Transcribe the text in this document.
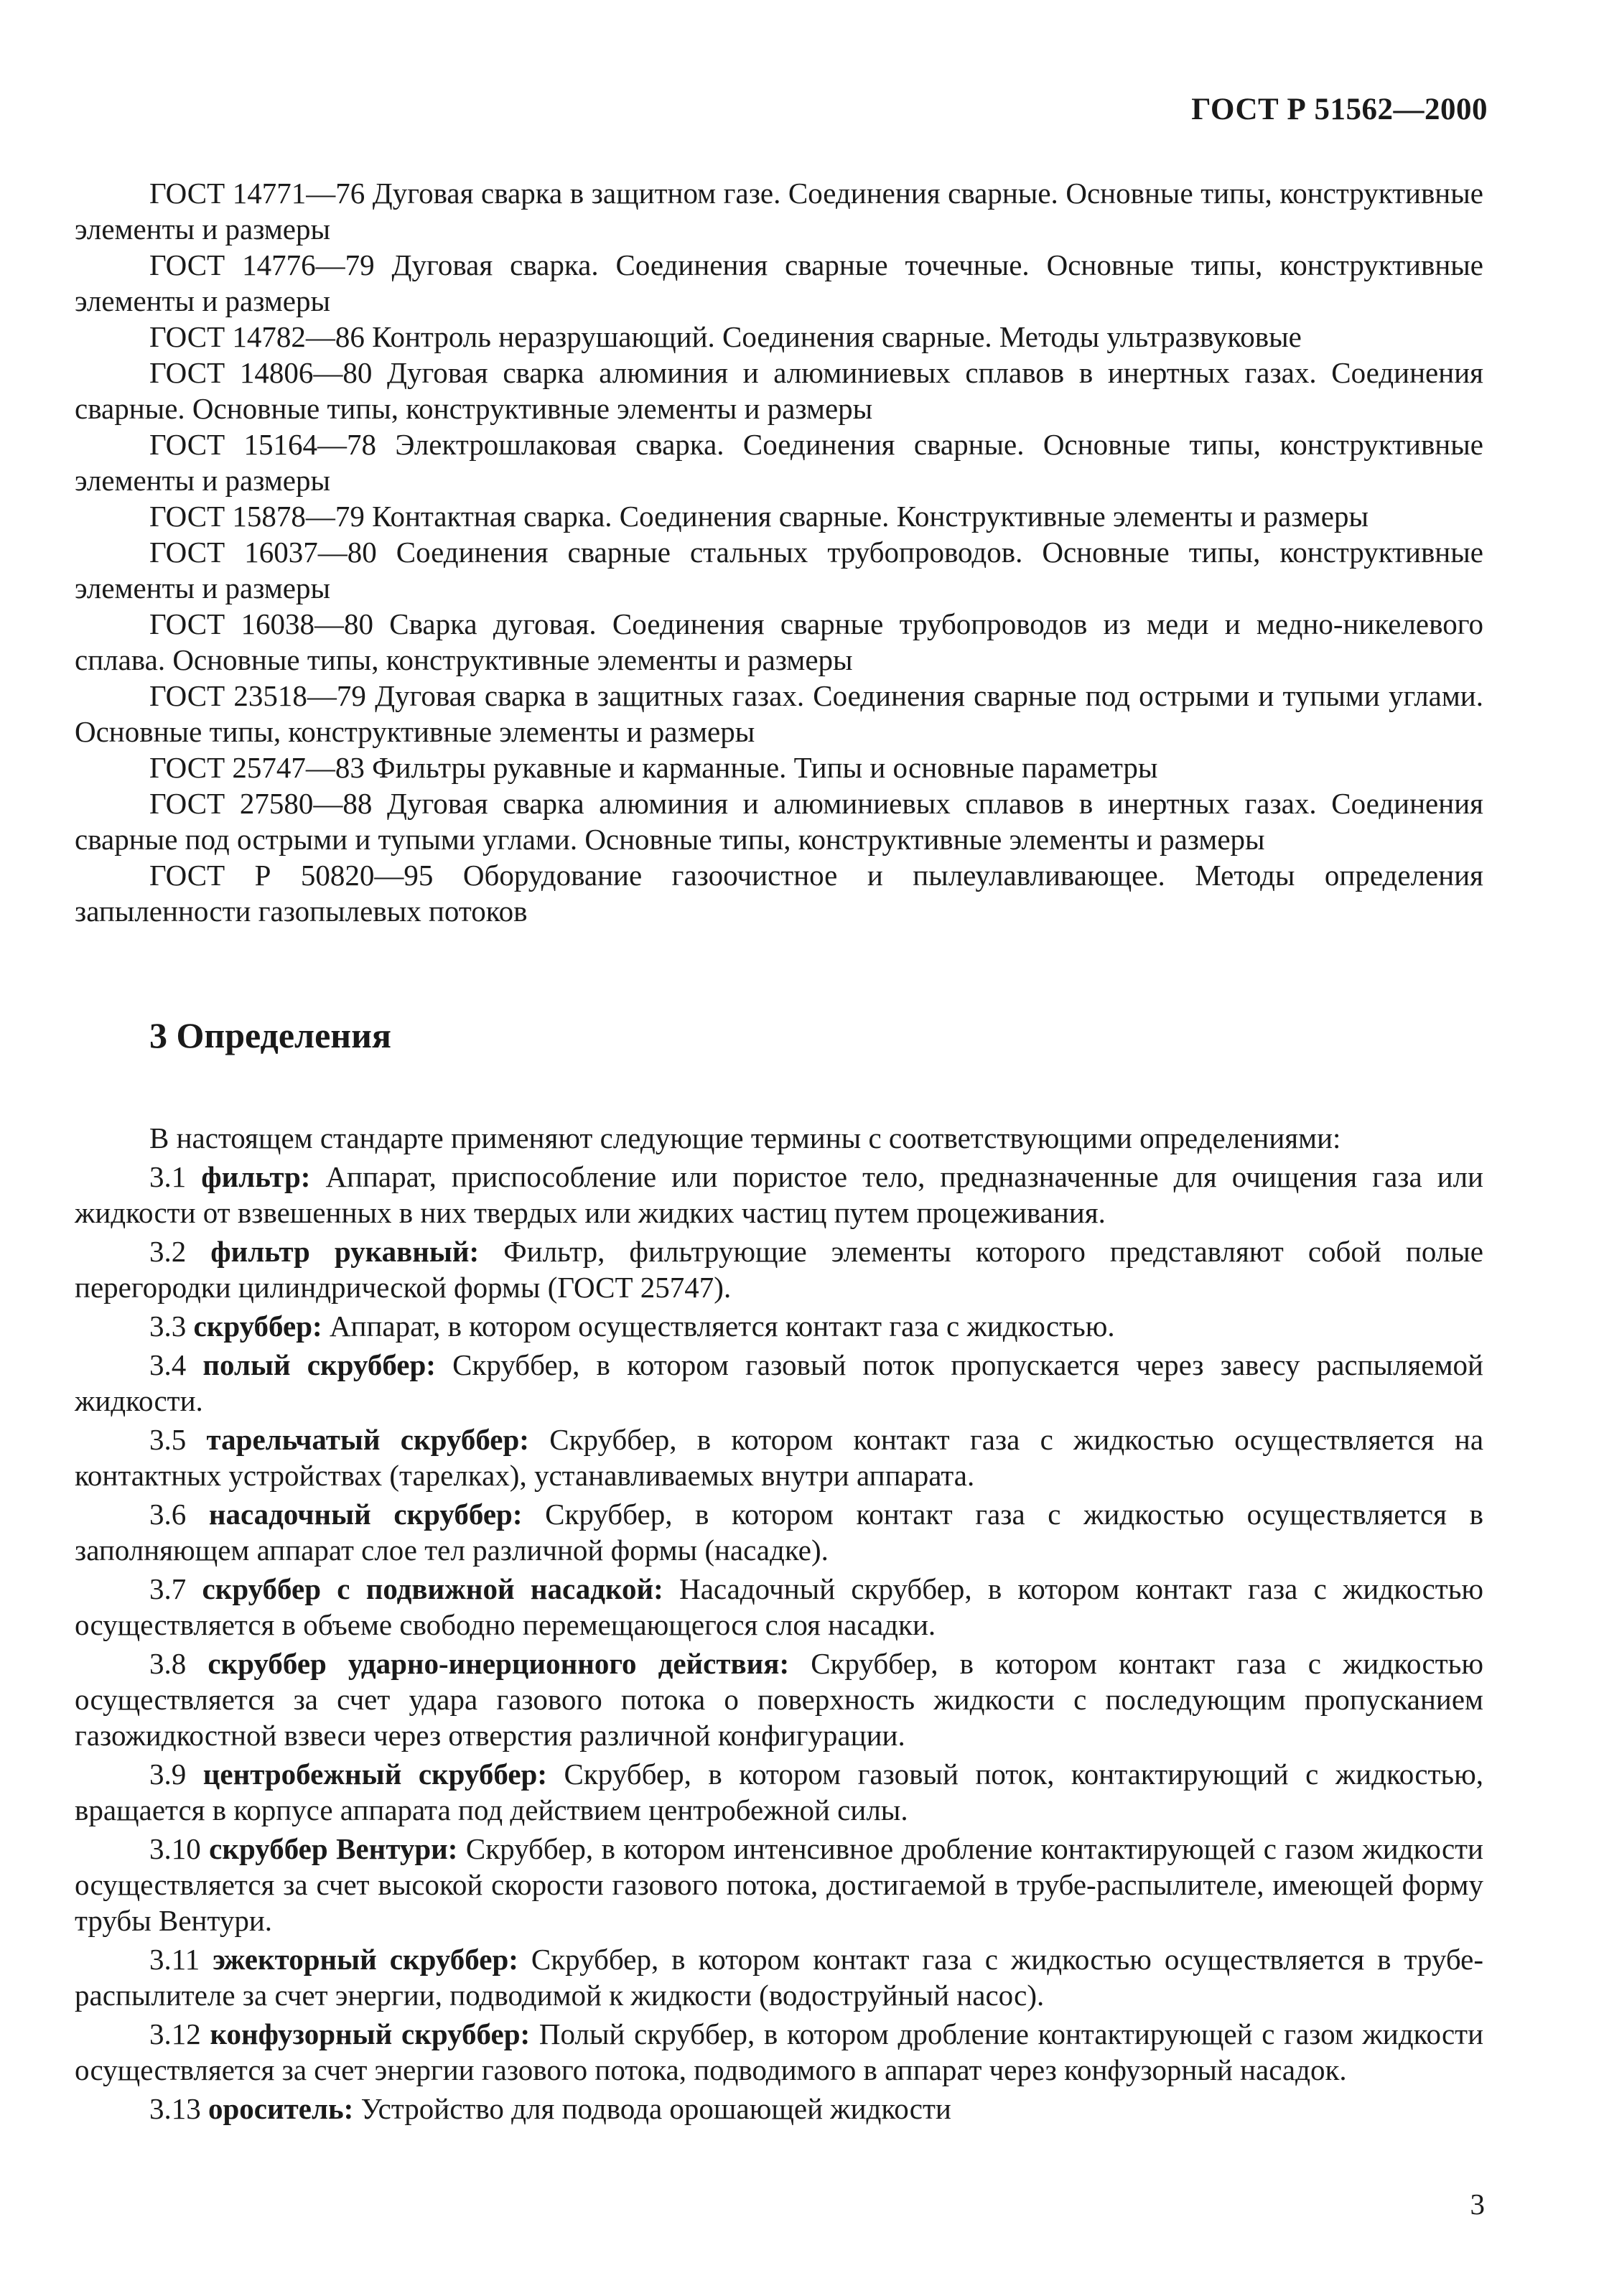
ГОСТ Р 51562—2000

ГОСТ 14771—76 Дуговая сварка в защитном газе. Соединения сварные. Основные типы, конструктивные элементы и размеры

ГОСТ 14776—79 Дуговая сварка. Соединения сварные точечные. Основные типы, конструктивные элементы и размеры

ГОСТ 14782—86 Контроль неразрушающий. Соединения сварные. Методы ультразвуковые

ГОСТ 14806—80 Дуговая сварка алюминия и алюминиевых сплавов в инертных газах. Соединения сварные. Основные типы, конструктивные элементы и размеры

ГОСТ 15164—78 Электрошлаковая сварка. Соединения сварные. Основные типы, конструктивные элементы и размеры

ГОСТ 15878—79 Контактная сварка. Соединения сварные. Конструктивные элементы и размеры

ГОСТ 16037—80 Соединения сварные стальных трубопроводов. Основные типы, конструктивные элементы и размеры

ГОСТ 16038—80 Сварка дуговая. Соединения сварные трубопроводов из меди и медно-никелевого сплава. Основные типы, конструктивные элементы и размеры

ГОСТ 23518—79 Дуговая сварка в защитных газах. Соединения сварные под острыми и тупыми углами. Основные типы, конструктивные элементы и размеры

ГОСТ 25747—83 Фильтры рукавные и карманные. Типы и основные параметры

ГОСТ 27580—88 Дуговая сварка алюминия и алюминиевых сплавов в инертных газах. Соединения сварные под острыми и тупыми углами. Основные типы, конструктивные элементы и размеры

ГОСТ Р 50820—95 Оборудование газоочистное и пылеулавливающее. Методы определения запыленности газопылевых потоков

3 Определения

В настоящем стандарте применяют следующие термины с соответствующими определениями:

3.1 фильтр: Аппарат, приспособление или пористое тело, предназначенные для очищения газа или жидкости от взвешенных в них твердых или жидких частиц путем процеживания.

3.2 фильтр рукавный: Фильтр, фильтрующие элементы которого представляют собой полые перегородки цилиндрической формы (ГОСТ 25747).

3.3 скруббер: Аппарат, в котором осуществляется контакт газа с жидкостью.

3.4 полый скруббер: Скруббер, в котором газовый поток пропускается через завесу распыляемой жидкости.

3.5 тарельчатый скруббер: Скруббер, в котором контакт газа с жидкостью осуществляется на контактных устройствах (тарелках), устанавливаемых внутри аппарата.

3.6 насадочный скруббер: Скруббер, в котором контакт газа с жидкостью осуществляется в заполняющем аппарат слое тел различной формы (насадке).

3.7 скруббер с подвижной насадкой: Насадочный скруббер, в котором контакт газа с жидкостью осуществляется в объеме свободно перемещающегося слоя насадки.

3.8 скруббер ударно-инерционного действия: Скруббер, в котором контакт газа с жидкостью осуществляется за счет удара газового потока о поверхность жидкости с последующим пропусканием газожидкостной взвеси через отверстия различной конфигурации.

3.9 центробежный скруббер: Скруббер, в котором газовый поток, контактирующий с жидкостью, вращается в корпусе аппарата под действием центробежной силы.

3.10 скруббер Вентури: Скруббер, в котором интенсивное дробление контактирующей с газом жидкости осуществляется за счет высокой скорости газового потока, достигаемой в трубе-распылителе, имеющей форму трубы Вентури.

3.11 эжекторный скруббер: Скруббер, в котором контакт газа с жидкостью осуществляется в трубе-распылителе за счет энергии, подводимой к жидкости (водоструйный насос).

3.12 конфузорный скруббер: Полый скруббер, в котором дробление контактирующей с газом жидкости осуществляется за счет энергии газового потока, подводимого в аппарат через конфузорный насадок.

3.13 ороситель: Устройство для подвода орошающей жидкости

3
